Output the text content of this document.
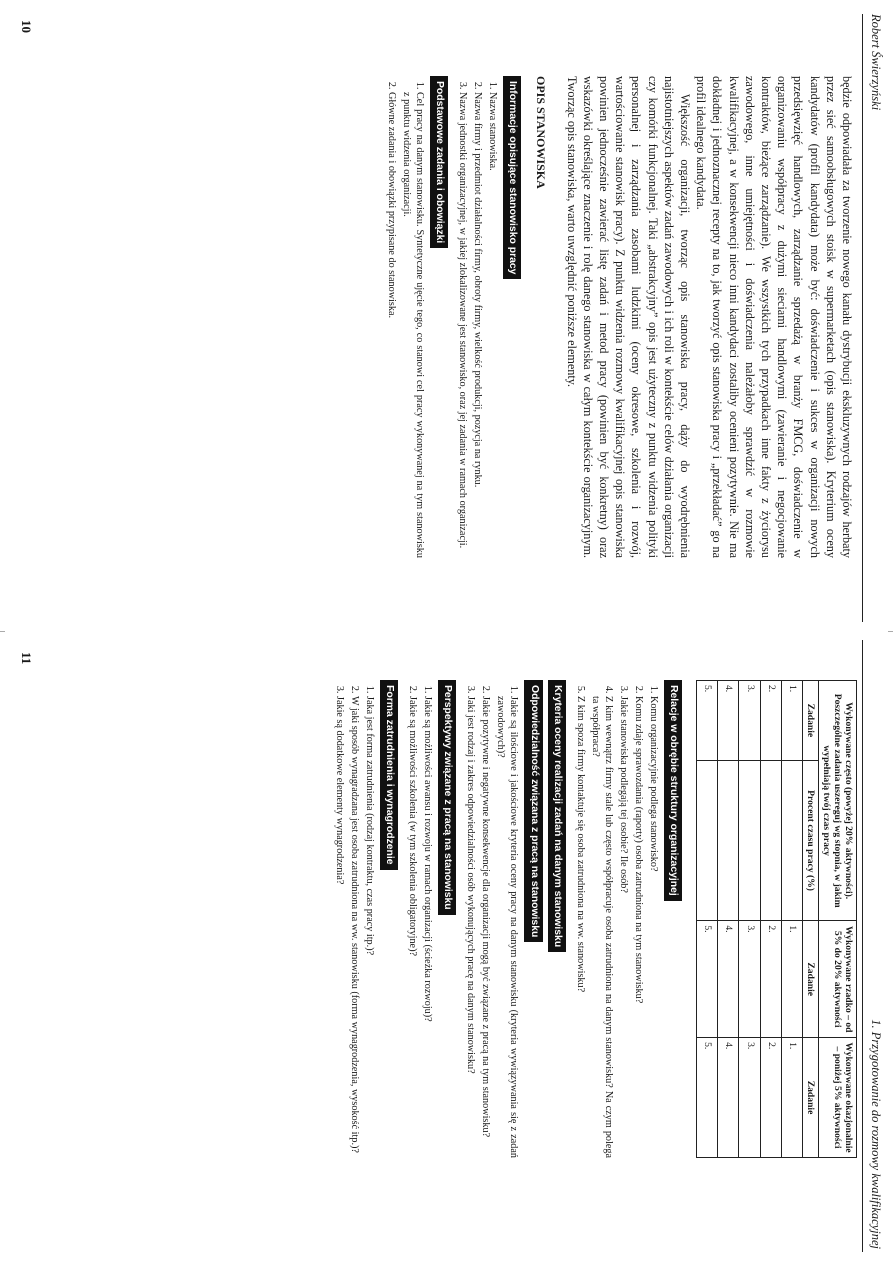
Robert Świerzyński

będzie odpowiadała za tworzenie nowego kanału dystrybucji ekskluzywnych rodzajów herbaty przez sieć samoobsługowych stoisk w supermarketach (opis stanowiska). Kryterium oceny kandydatów (profil kandydata) może być: doświadczenie i sukces w organizacji nowych przedsięwzięć handlowych, zarządzanie sprzedażą w branży FMCG, doświadczenie w organizowaniu współpracy z dużymi sieciami handlowymi (zawieranie i negocjowanie kontraktów, bieżące zarządzanie). We wszystkich tych przypadkach inne fakty z życiorysu zawodowego, inne umiejętności i doświadczenia należałoby sprawdzić w rozmowie kwalifikacyjnej, a w konsekwencji nieco inni kandydaci zostaliby ocenieni pozytywnie. Nie ma dokładnej i jednoznacznej recepty na to, jak tworzyć opis stanowiska pracy i „przekładać” go na profil idealnego kandydata.

Większość organizacji, tworząc opis stanowiska pracy, dąży do wyodrębnienia najistotniejszych aspektów zadań zawodowych i ich roli w kontekście celów działania organizacji czy komórki funkcjonalnej. Taki „abstrakcyjny” opis jest użyteczny z punktu widzenia polityki personalnej i zarządzania zasobami ludzkimi (oceny okresowe, szkolenia i rozwój, wartościowanie stanowisk pracy). Z punktu widzenia rozmowy kwalifikacyjnej opis stanowiska powinien jednocześnie zawierać listę zadań i metod pracy (powinien być konkretny) oraz wskazówki określające znaczenie i rolę danego stanowiska w całym kontekście organizacyjnym. Tworząc opis stanowiska, warto uwzględnić poniższe elementy.

OPIS STANOWISKA
Informacje opisujące stanowisko pracy
1. Nazwa stanowiska.
2. Nazwa firmy i przedmiot działalności firmy, obroty firmy, wielkość produkcji, pozycja na rynku.
3. Nazwa jednostki organizacyjnej, w jakiej zlokalizowane jest stanowisko, oraz jej zadania w ramach organizacji.
Podstawowe zadania i obowiązki
1. Cel pracy na danym stanowisku. Syntetyczne ujęcie tego, co stanowi cel pracy wykonywanej na tym stanowisku z punktu widzenia organizacji.
2. Główne zadania i obowiązki przypisane do stanowiska.
10
1. Przygotowanie do rozmowy kwalifikacyjnej
Wykonywane często (powyżej 20% aktywności). Poszczególne zadania uszereguj wg stopnia, w jakim wypełniają twój czas pracy		Wykonywane rzadko – od 5% do 20% aktywności	Wykonywane okazjonalnie – poniżej 5% aktywności
Zadanie	Procent czasu pracy (%)	Zadanie	Zadanie
1.		1.	1.
2.		2.	2.
3.		3.	3.
4.		4.	4.
5.		5.	5.
Relacje w obrębie struktury organizacyjnej
1. Komu organizacyjnie podlega stanowisko?
2. Komu zdaje sprawozdania (raporty) osoba zatrudniona na tym stanowisku?
3. Jakie stanowiska podlegają tej osobie? Ile osób?
4. Z kim wewnątrz firmy stale lub często współpracuje osoba zatrudniona na danym stanowisku? Na czym polega ta współpraca?
5. Z kim spoza firmy kontaktuje się osoba zatrudniona na ww. stanowisku?
Kryteria oceny realizacji zadań na danym stanowisku
Odpowiedzialność związana z pracą na stanowisku
1. Jakie są ilościowe i jakościowe kryteria oceny pracy na danym stanowisku (kryteria wywiązywania się z zadań zawodowych)?
2. Jakie pozytywne i negatywne konsekwencje dla organizacji mogą być związane z pracą na tym stanowisku?
3. Jaki jest rodzaj i zakres odpowiedzialności osób wykonujących pracę na danym stanowisku?
Perspektywy związane z pracą na stanowisku
1. Jakie są możliwości awansu i rozwoju w ramach organizacji (ścieżka rozwoju)?
2. Jakie są możliwości szkolenia (w tym szkolenia obligatoryjne)?
Forma zatrudnienia i wynagrodzenie
1. Jaka jest forma zatrudnienia (rodzaj kontraktu, czas pracy itp.)?
2. W jaki sposób wynagradzana jest osoba zatrudniona na ww. stanowisku (forma wynagrodzenia, wysokość itp.)?
3. Jakie są dodatkowe elementy wynagrodzenia?
11
